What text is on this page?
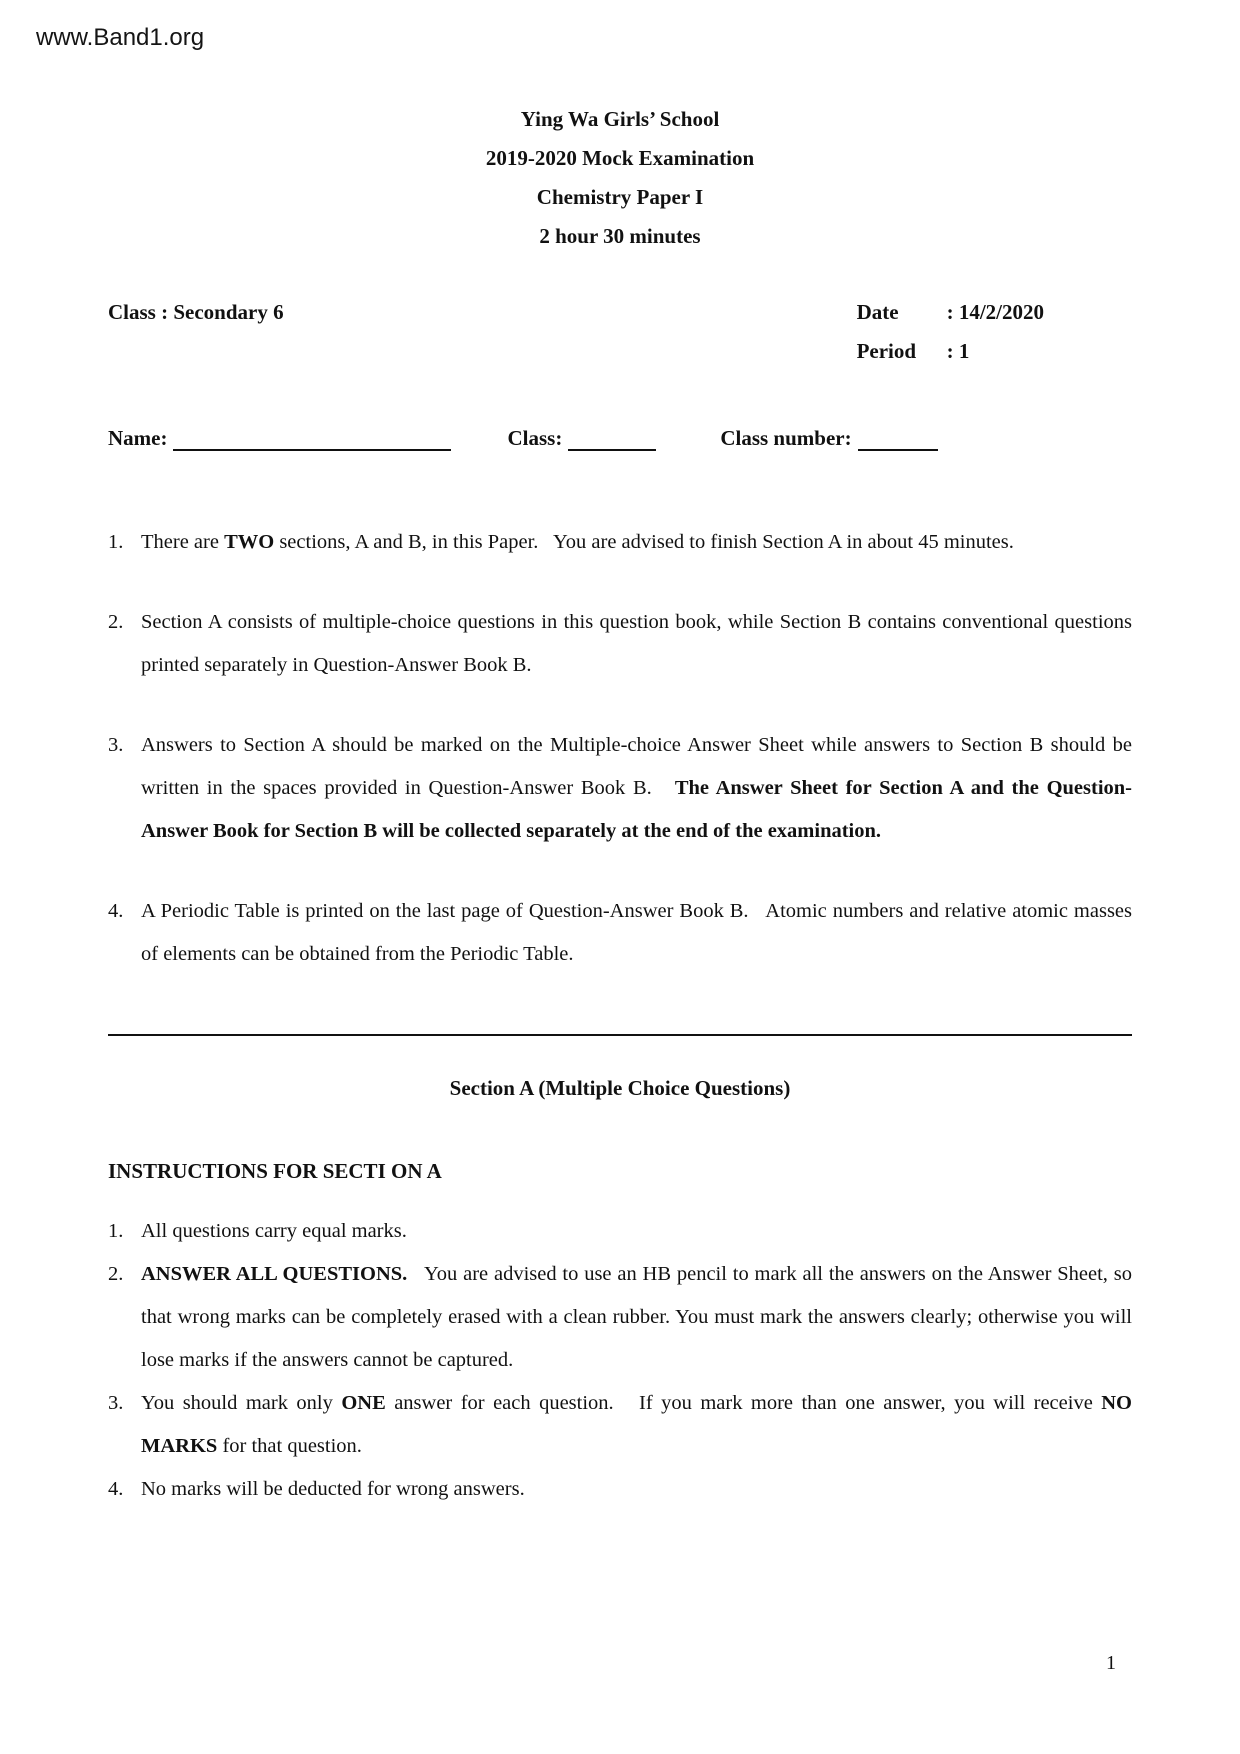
www.Band1.org
Ying Wa Girls’ School
2019-2020 Mock Examination
Chemistry Paper I
2 hour 30 minutes
Class : Secondary 6	Date	: 14/2/2020
Period	: 1
Name:	Class:	Class number:
1. There are TWO sections, A and B, in this Paper.   You are advised to finish Section A in about 45 minutes.
2. Section A consists of multiple-choice questions in this question book, while Section B contains conventional questions printed separately in Question-Answer Book B.
3. Answers to Section A should be marked on the Multiple-choice Answer Sheet while answers to Section B should be written in the spaces provided in Question-Answer Book B.   The Answer Sheet for Section A and the Question-Answer Book for Section B will be collected separately at the end of the examination.
4. A Periodic Table is printed on the last page of Question-Answer Book B.   Atomic numbers and relative atomic masses of elements can be obtained from the Periodic Table.
Section A (Multiple Choice Questions)
INSTRUCTIONS FOR SECTI ON A
1. All questions carry equal marks.
2. ANSWER ALL QUESTIONS.   You are advised to use an HB pencil to mark all the answers on the Answer Sheet, so that wrong marks can be completely erased with a clean rubber. You must mark the answers clearly; otherwise you will lose marks if the answers cannot be captured.
3. You should mark only ONE answer for each question.   If you mark more than one answer, you will receive NO MARKS for that question.
4. No marks will be deducted for wrong answers.
1
